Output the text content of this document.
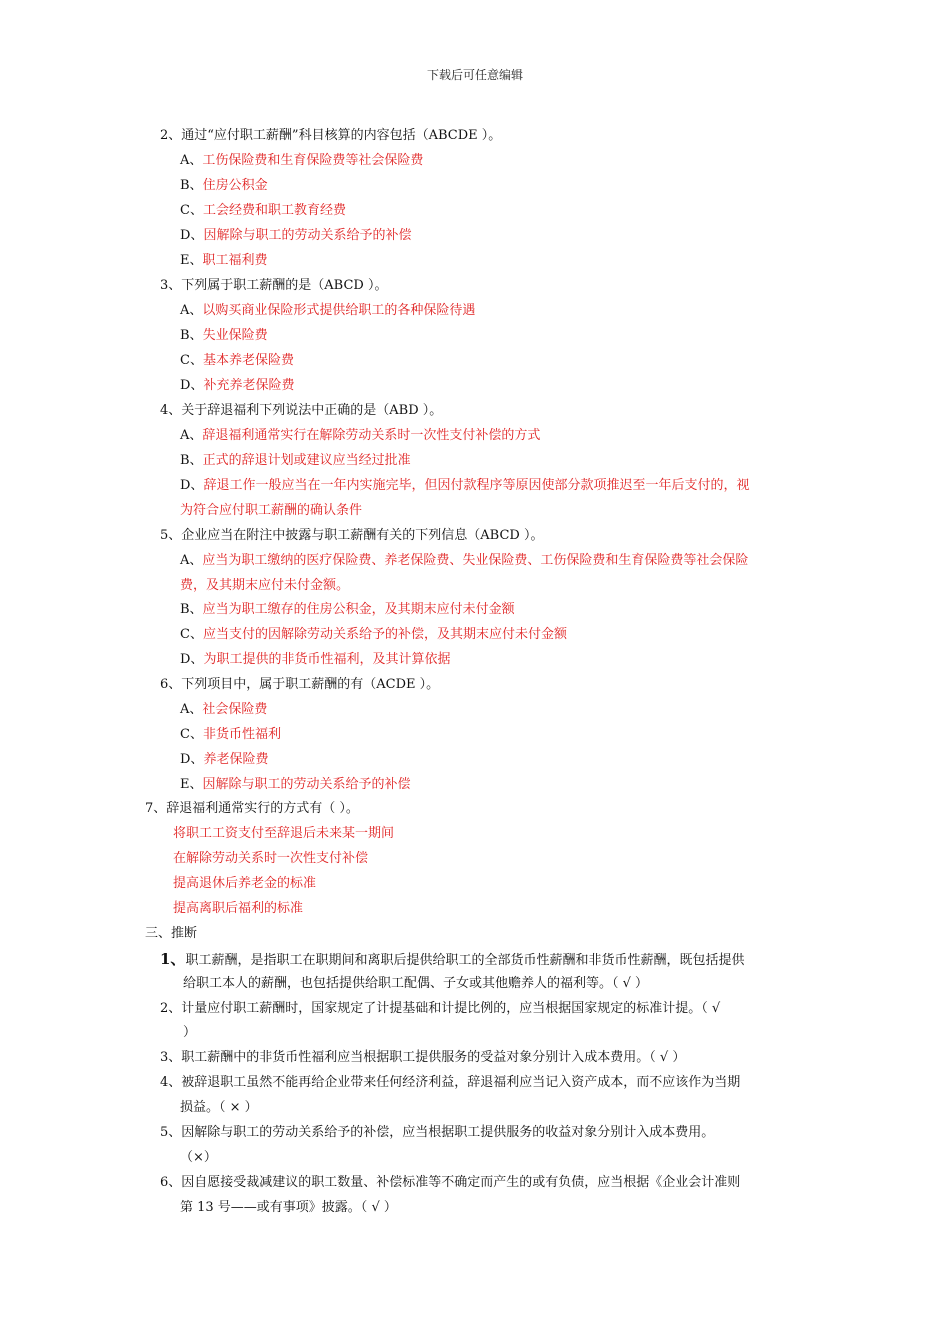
下载后可任意编辑
2、通过“应付职工薪酬”科目核算的内容包括（ABCDE ）。
A、工伤保险费和生育保险费等社会保险费
B、住房公积金
C、工会经费和职工教育经费
D、因解除与职工的劳动关系给予的补偿
E、职工福利费
3、下列属于职工薪酬的是（ABCD ）。
A、以购买商业保险形式提供给职工的各种保险待遇
B、失业保险费
C、基本养老保险费
D、补充养老保险费
4、关于辞退福利下列说法中正确的是（ABD ）。
A、辞退福利通常实行在解除劳动关系时一次性支付补偿的方式
B、正式的辞退计划或建议应当经过批准
D、辞退工作一般应当在一年内实施完毕，但因付款程序等原因使部分款项推迟至一年后支付的，视
为符合应付职工薪酬的确认条件
5、企业应当在附注中披露与职工薪酬有关的下列信息（ABCD ）。
A、应当为职工缴纳的医疗保险费、养老保险费、失业保险费、工伤保险费和生育保险费等社会保险
费，及其期末应付未付金额。
B、应当为职工缴存的住房公积金，及其期末应付未付金额
C、应当支付的因解除劳动关系给予的补偿，及其期末应付未付金额
D、为职工提供的非货币性福利，及其计算依据
6、下列项目中，属于职工薪酬的有（ACDE ）。
A、社会保险费
C、非货币性福利
D、养老保险费
E、因解除与职工的劳动关系给予的补偿
7、辞退福利通常实行的方式有（ ）。
将职工工资支付至辞退后未来某一期间
在解除劳动关系时一次性支付补偿
提高退休后养老金的标准
提高离职后福利的标准
三、推断
1、职工薪酬，是指职工在职期间和离职后提供给职工的全部货币性薪酬和非货币性薪酬，既包括提供
给职工本人的薪酬，也包括提供给职工配偶、子女或其他赡养人的福利等。（ √ ）
2、计量应付职工薪酬时，国家规定了计提基础和计提比例的，应当根据国家规定的标准计提。（ √
）
3、职工薪酬中的非货币性福利应当根据职工提供服务的受益对象分别计入成本费用。（ √ ）
4、被辞退职工虽然不能再给企业带来任何经济利益，辞退福利应当记入资产成本，而不应该作为当期
损益。（ × ）
5、因解除与职工的劳动关系给予的补偿，应当根据职工提供服务的收益对象分别计入成本费用。
（×）
6、因自愿接受裁减建议的职工数量、补偿标准等不确定而产生的或有负债，应当根据《企业会计准则
第 13 号——或有事项》披露。（ √ ）
